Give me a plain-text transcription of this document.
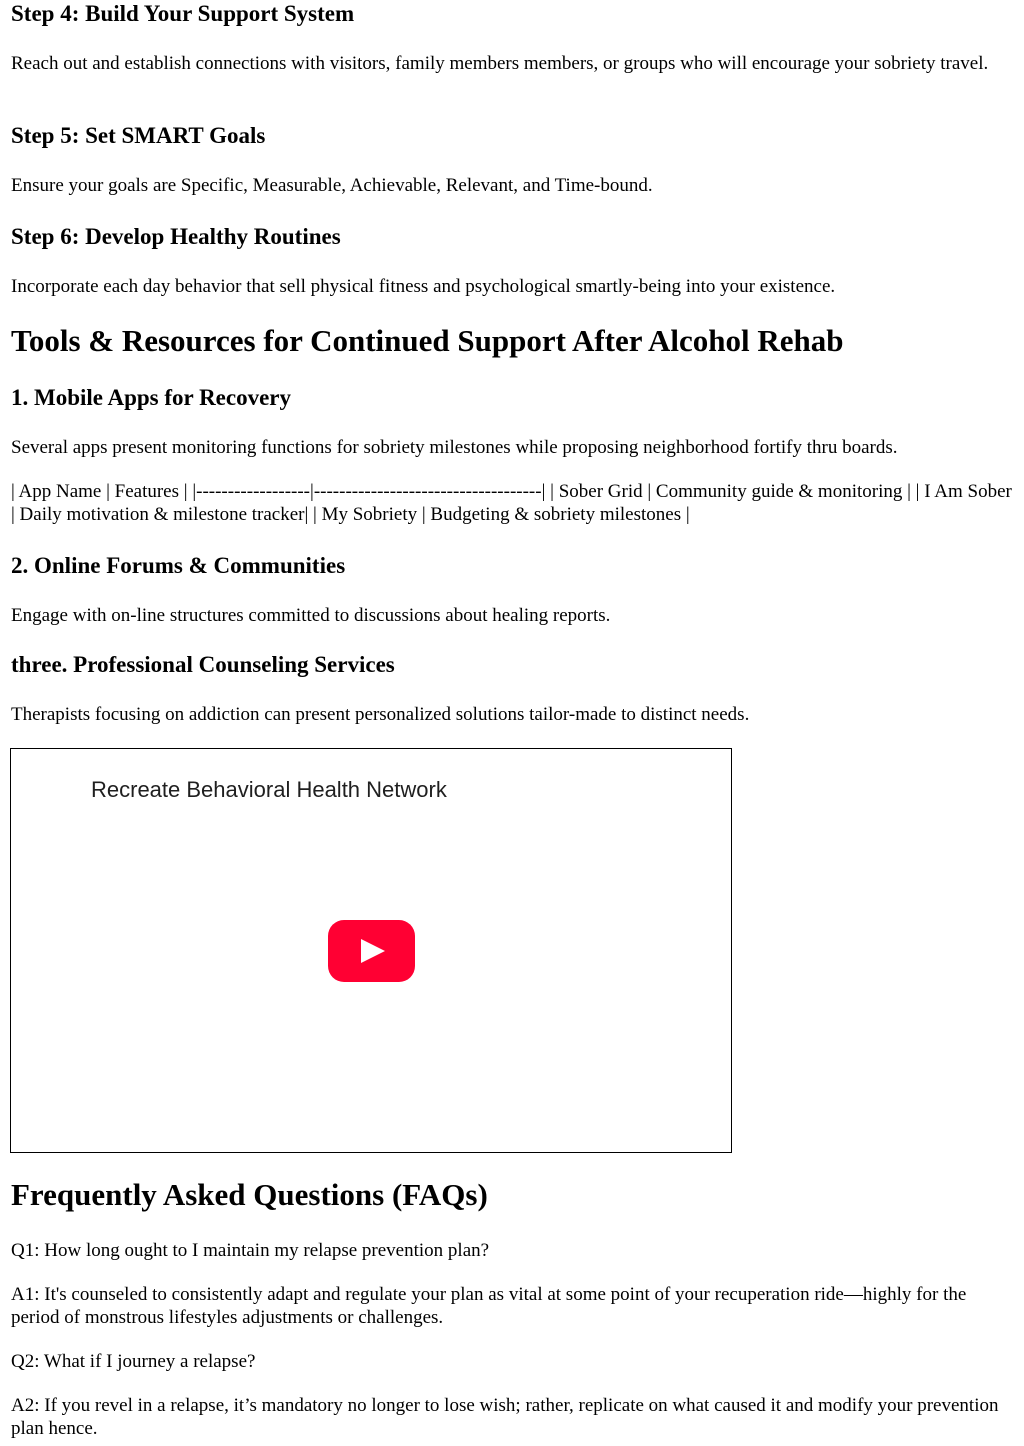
Step 4: Build Your Support System

Reach out and establish connections with visitors, family members members, or groups who will encourage your sobriety travel.

Step 5: Set SMART Goals

Ensure your goals are Specific, Measurable, Achievable, Relevant, and Time-bound.

Step 6: Develop Healthy Routines

Incorporate each day behavior that sell physical fitness and psychological smartly-being into your existence.

Tools & Resources for Continued Support After Alcohol Rehab
1. Mobile Apps for Recovery

Several apps present monitoring functions for sobriety milestones while proposing neighborhood fortify thru boards.

| App Name | Features | |------------------|------------------------------------| | Sober Grid | Community guide & monitoring | | I Am Sober | Daily motivation & milestone tracker| | My Sobriety | Budgeting & sobriety milestones |

2. Online Forums & Communities

Engage with on-line structures committed to discussions about healing reports.

three. Professional Counseling Services

Therapists focusing on addiction can present personalized solutions tailor-made to distinct needs.

Recreate Behavioral Health Network
Frequently Asked Questions (FAQs)

Q1: How long ought to I maintain my relapse prevention plan?

A1: It's counseled to consistently adapt and regulate your plan as vital at some point of your recuperation ride—highly for the period of monstrous lifestyles adjustments or challenges.

Q2: What if I journey a relapse?

A2: If you revel in a relapse, it’s mandatory no longer to lose wish; rather, replicate on what caused it and modify your prevention plan hence.
